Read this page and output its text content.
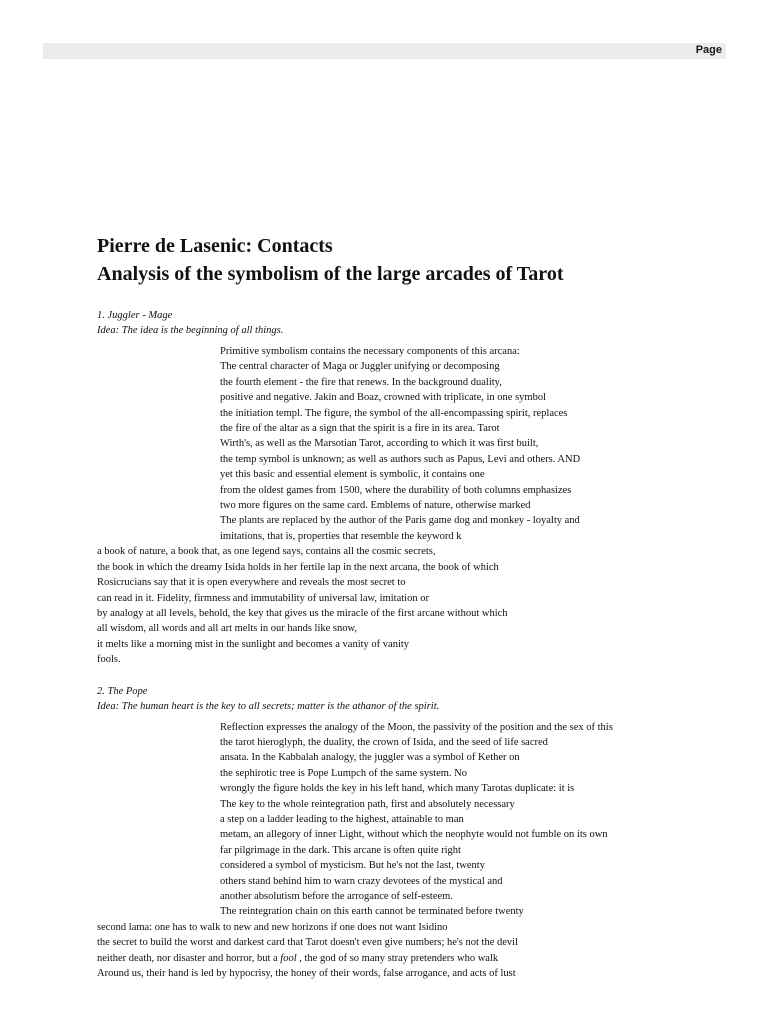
Page
Pierre de Lasenic: Contacts
Analysis of the symbolism of the large arcades of Tarot

1. Juggler - Mage

Idea: The idea is the beginning of all things.

Primitive symbolism contains the necessary components of this arcana:
The central character of Maga or Juggler unifying or decomposing
the fourth element - the fire that renews. In the background duality,
positive and negative. Jakin and Boaz, crowned with triplicate, in one symbol
the initiation templ. The figure, the symbol of the all-encompassing spirit, replaces
the fire of the altar as a sign that the spirit is a fire in its area. Tarot
Wirth's, as well as the Marsotian Tarot, according to which it was first built,
the temp symbol is unknown; as well as authors such as Papus, Levi and others. AND
yet this basic and essential element is symbolic, it contains one
from the oldest games from 1500, where the durability of both columns emphasizes
two more figures on the same card. Emblems of nature, otherwise marked
The plants are replaced by the author of the Paris game dog and monkey - loyalty and
imitations, that is, properties that resemble the keyword k
a book of nature, a book that, as one legend says, contains all the cosmic secrets,
the book in which the dreamy Isida holds in her fertile lap in the next arcana, the book of which
Rosicrucians say that it is open everywhere and reveals the most secret to
can read in it. Fidelity, firmness and immutability of universal law, imitation or
by analogy at all levels, behold, the key that gives us the miracle of the first arcane without which
all wisdom, all words and all art melts in our hands like snow,
it melts like a morning mist in the sunlight and becomes a vanity of vanity
fools.

2. The Pope

Idea: The human heart is the key to all secrets; matter is the athanor of the spirit.

Reflection expresses the analogy of the Moon, the passivity of the position and the sex of this
the tarot hieroglyph, the duality, the crown of Isida, and the seed of life sacred
ansata. In the Kabbalah analogy, the juggler was a symbol of Kether on
the sephirotic tree is Pope Lumpch of the same system. No
wrongly the figure holds the key in his left hand, which many Tarotas duplicate: it is
The key to the whole reintegration path, first and absolutely necessary
a step on a ladder leading to the highest, attainable to man
metam, an allegory of inner Light, without which the neophyte would not fumble on its own
far pilgrimage in the dark. This arcane is often quite right
considered a symbol of mysticism. But he's not the last, twenty
others stand behind him to warn crazy devotees of the mystical and
another absolutism before the arrogance of self-esteem.
The reintegration chain on this earth cannot be terminated before twenty
second lama: one has to walk to new and new horizons if one does not want Isidino
the secret to build the worst and darkest card that Tarot doesn't even give numbers; he's not the devil
neither death, nor disaster and horror, but a fool , the god of so many stray pretenders who walk
Around us, their hand is led by hypocrisy, the honey of their words, false arrogance, and acts of lust
